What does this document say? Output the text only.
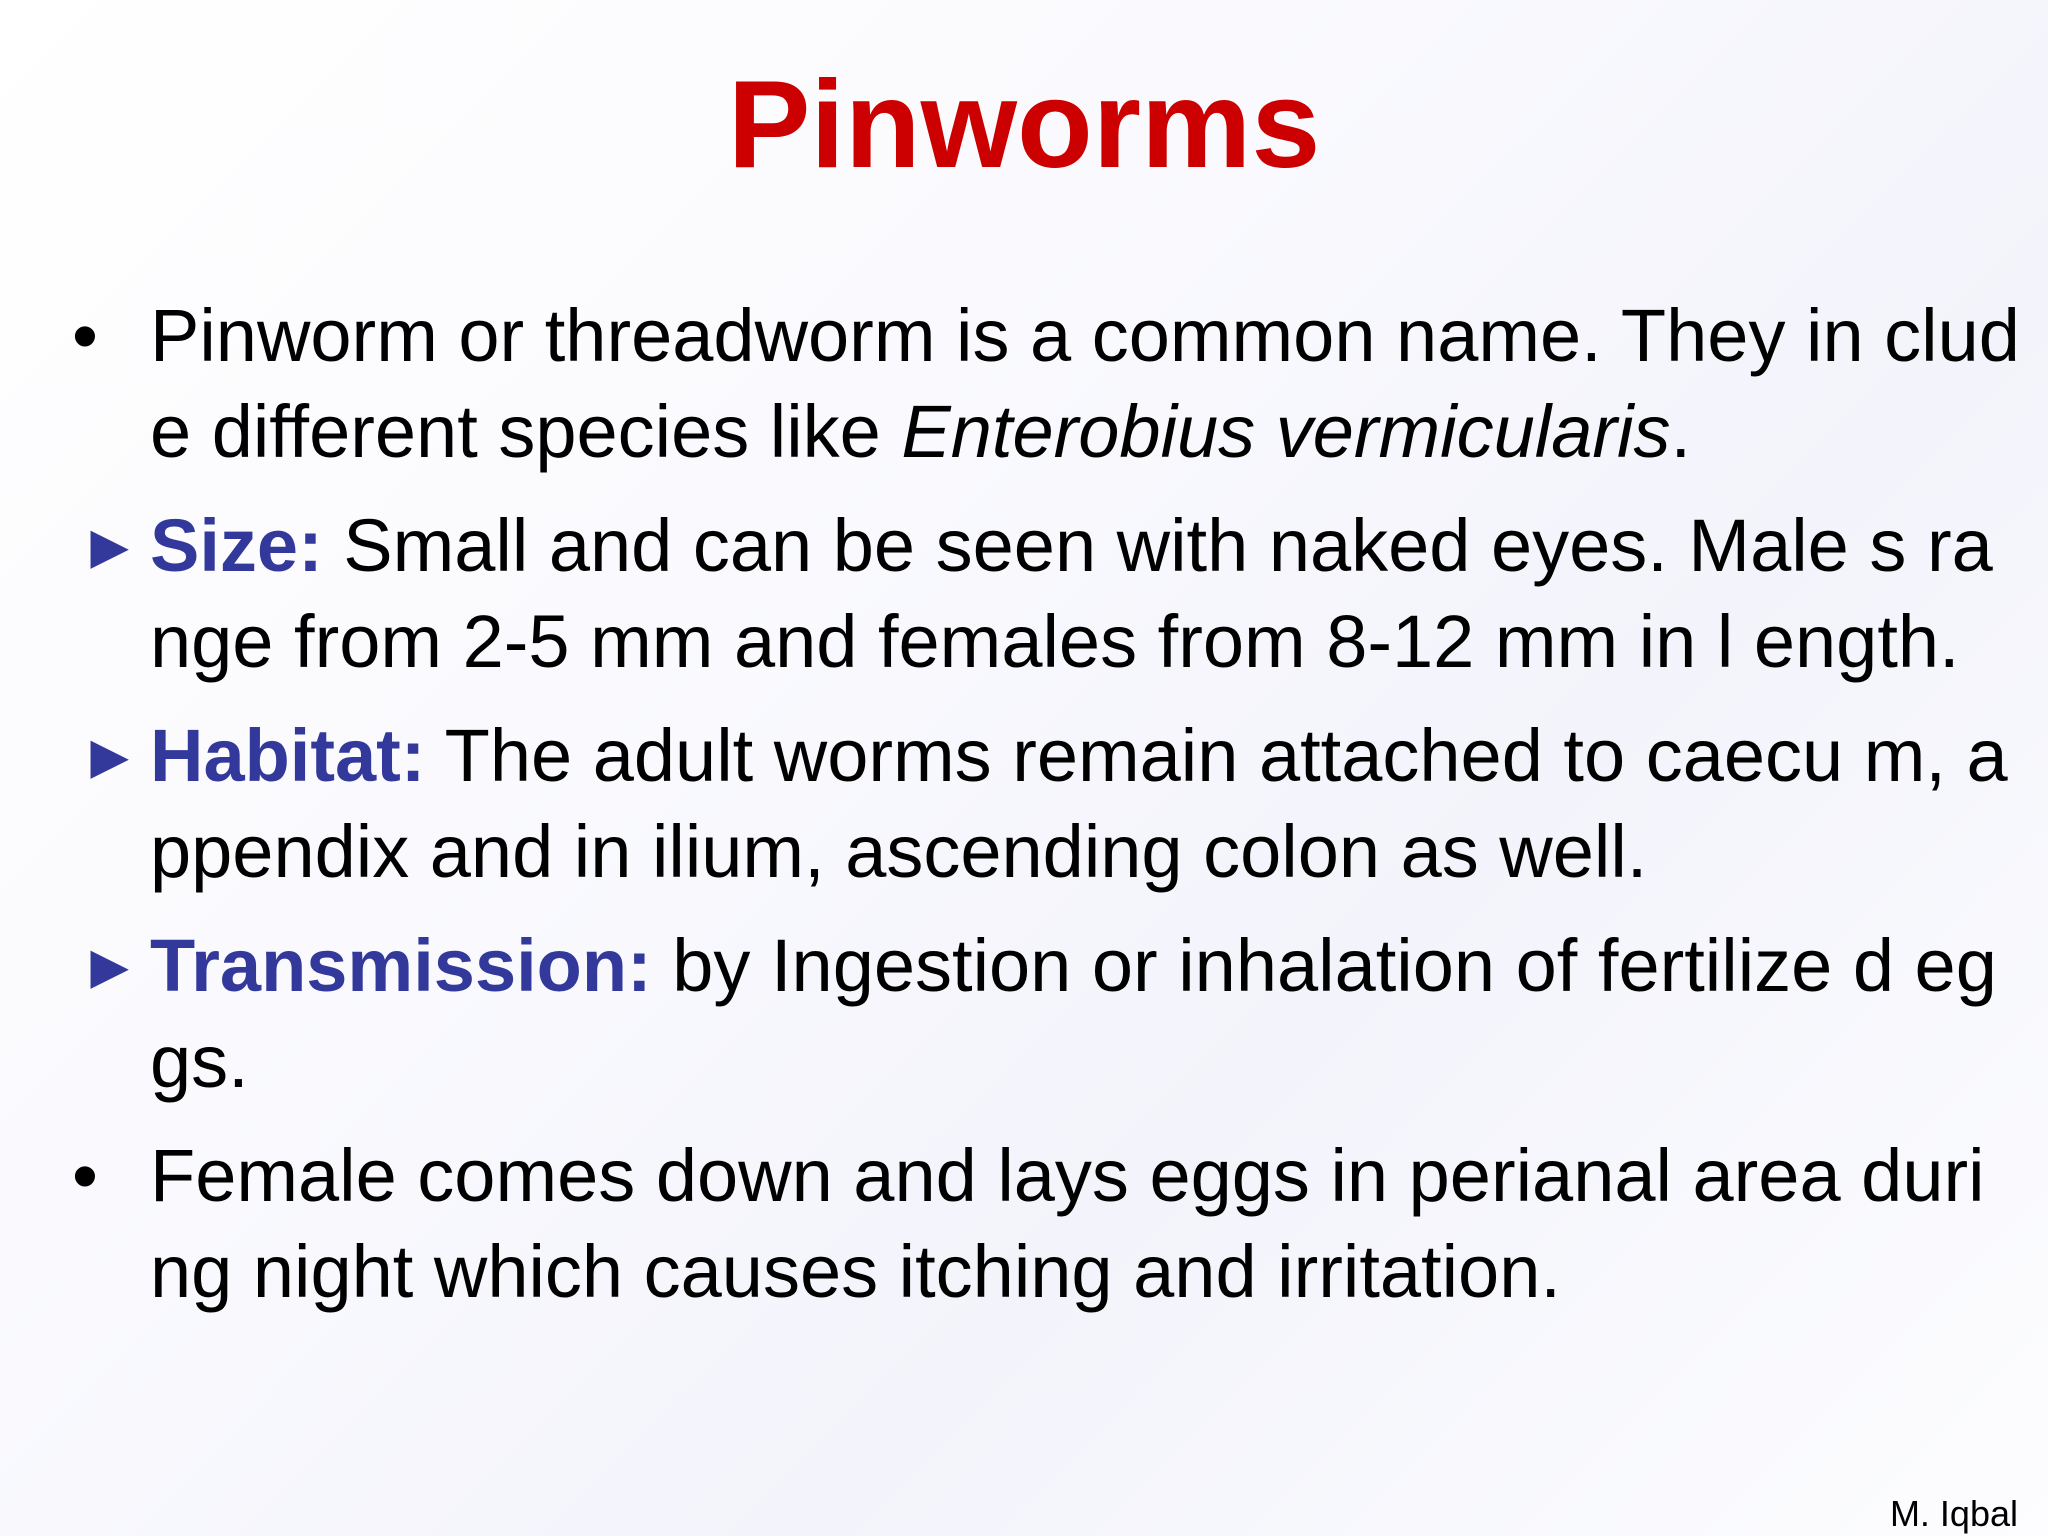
Pinworms
• Pinworm or threadworm is a common name. They in clude different species like Enterobius vermicularis.
► Size: Small and can be seen with naked eyes. Male s range from 2-5 mm and females from 8-12 mm in l ength.
► Habitat: The adult worms remain attached to caecu m, appendix and in ilium, ascending colon as well.
► Transmission: by Ingestion or inhalation of fertilize d eggs.
• Female comes down and lays eggs in perianal area during night which causes itching and irritation.
M. Iqbal
